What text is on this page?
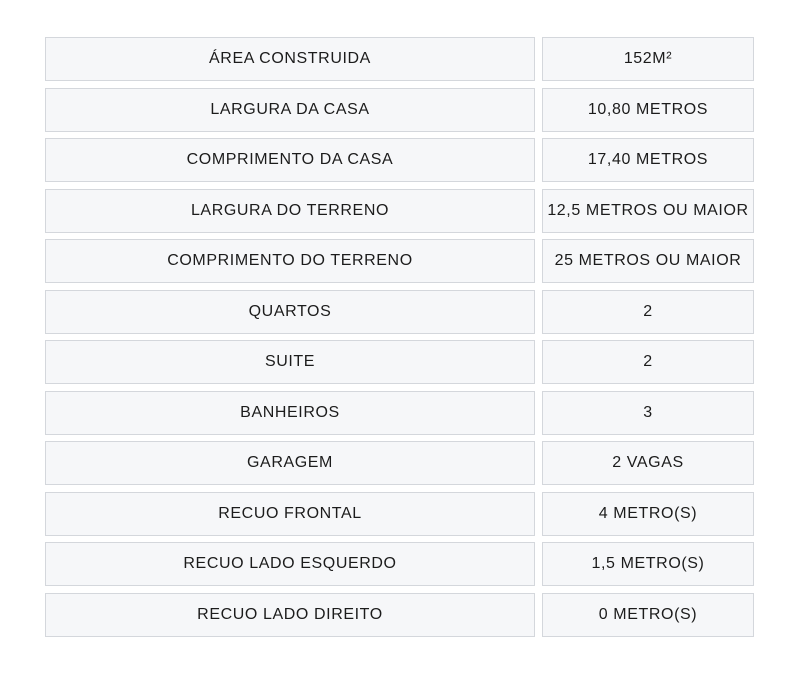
ÁREA CONSTRUIDA	152M²
LARGURA DA CASA	10,80 METROS
COMPRIMENTO DA CASA	17,40 METROS
LARGURA DO TERRENO	12,5 METROS OU MAIOR
COMPRIMENTO DO TERRENO	25 METROS OU MAIOR
QUARTOS	2
SUITE	2
BANHEIROS	3
GARAGEM	2 VAGAS
RECUO FRONTAL	4 METRO(S)
RECUO LADO ESQUERDO	1,5 METRO(S)
RECUO LADO DIREITO	0 METRO(S)
